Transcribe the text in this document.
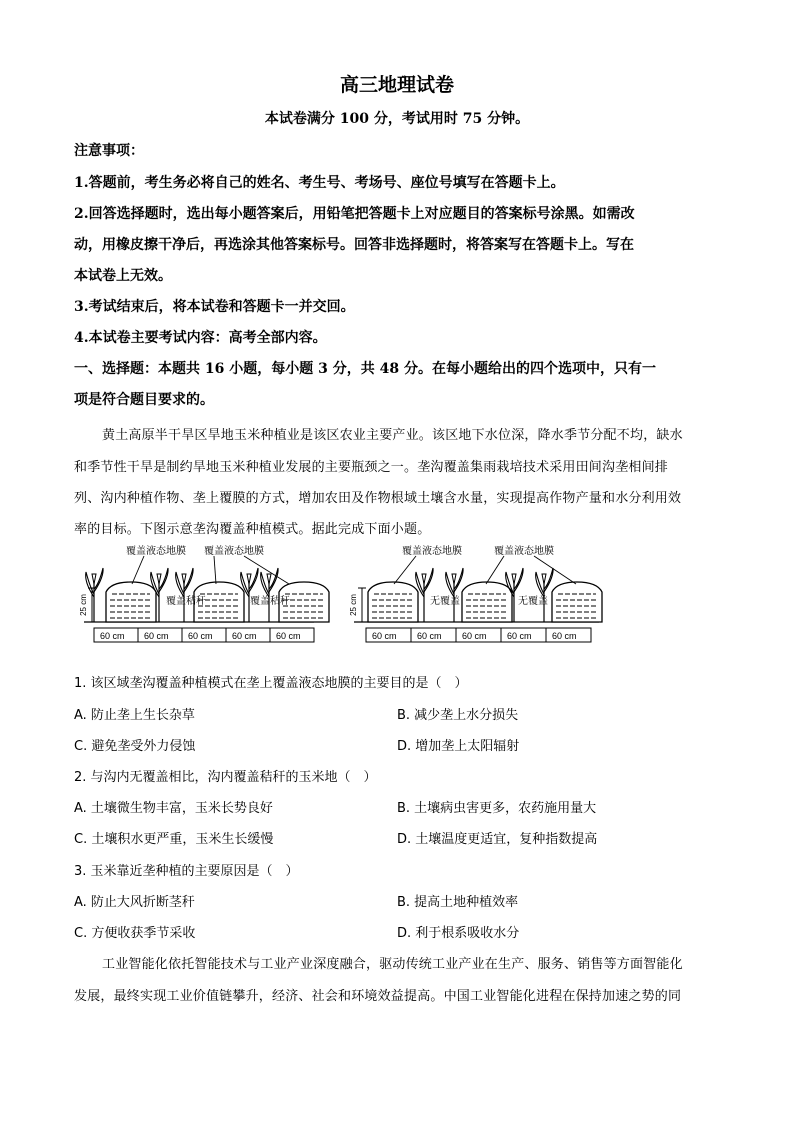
高三地理试卷
本试卷满分 100 分，考试用时 75 分钟。
注意事项：
1.答题前，考生务必将自己的姓名、考生号、考场号、座位号填写在答题卡上。
2.回答选择题时，选出每小题答案后，用铅笔把答题卡上对应题目的答案标号涂黑。如需改
动，用橡皮擦干净后，再选涂其他答案标号。回答非选择题时，将答案写在答题卡上。写在
本试卷上无效。
3.考试结束后，将本试卷和答题卡一并交回。
4.本试卷主要考试内容：高考全部内容。
一、选择题：本题共 16 小题，每小题 3 分，共 48 分。在每小题给出的四个选项中，只有一
项是符合题目要求的。
黄土高原半干旱区旱地玉米种植业是该区农业主要产业。该区地下水位深，降水季节分配不均，缺水
和季节性干旱是制约旱地玉米种植业发展的主要瓶颈之一。垄沟覆盖集雨栽培技术采用田间沟垄相间排
列、沟内种植作物、垄上覆膜的方式，增加农田及作物根域土壤含水量，实现提高作物产量和水分利用效
率的目标。下图示意垄沟覆盖种植模式。据此完成下面小题。
25 cm
覆盖液态地膜 覆盖液态地膜
覆盖秸秆	覆盖秸秆
60 cm 60 cm 60 cm 60 cm 60 cm
25 cm
覆盖液态地膜	覆盖液态地膜
无覆盖	无覆盖
60 cm 60 cm 60 cm 60 cm 60 cm
1. 该区域垄沟覆盖种植模式在垄上覆盖液态地膜的主要目的是（　）
A. 防止垄上生长杂草	B. 减少垄上水分损失
C. 避免垄受外力侵蚀	D. 增加垄上太阳辐射
2. 与沟内无覆盖相比，沟内覆盖秸秆的玉米地（　）
A. 土壤微生物丰富，玉米长势良好	B. 土壤病虫害更多，农药施用量大
C. 土壤积水更严重，玉米生长缓慢	D. 土壤温度更适宜，复种指数提高
3. 玉米靠近垄种植的主要原因是（　）
A. 防止大风折断茎秆	B. 提高土地种植效率
C. 方便收获季节采收	D. 利于根系吸收水分
工业智能化依托智能技术与工业产业深度融合，驱动传统工业产业在生产、服务、销售等方面智能化
发展，最终实现工业价值链攀升，经济、社会和环境效益提高。中国工业智能化进程在保持加速之势的同
